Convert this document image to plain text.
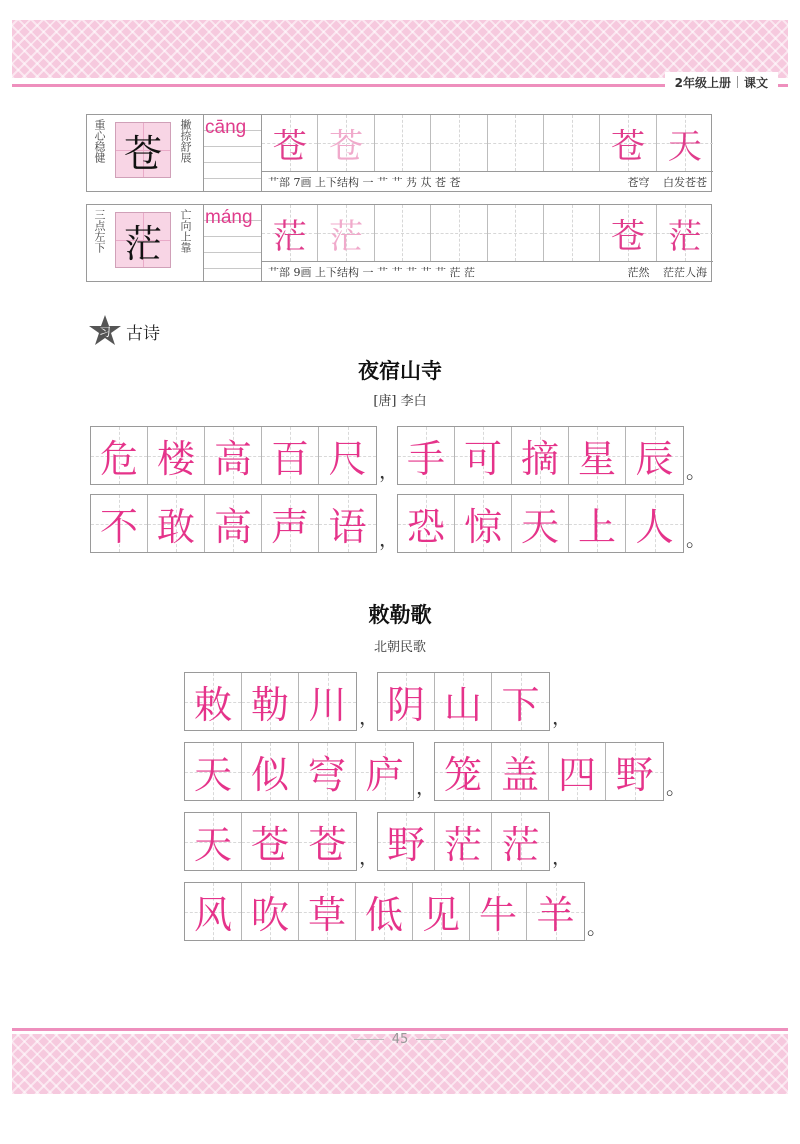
2年级上册 课文
重心稳健 苍 撇捺舒展 cāng 苍 苍	苍 天
艹部 7画 上下结构 一 艹 艹 艿 苁 苍 苍	苍穹 白发苍苍
三点左下 茫 亡向上靠 máng 茫 茫	苍 茫
艹部 9画 上下结构 一 艹 艹 艹 艹 艹 茫 茫	茫然 茫茫人海
习 古诗
夜宿山寺
[唐] 李白
危 楼 高 百 尺 ， 手 可 摘 星 辰 。
不 敢 高 声 语 ， 恐 惊 天 上 人 。
敕勒歌
北朝民歌
敕 勒 川 ， 阴 山 下 ，
天 似 穹 庐 ， 笼 盖 四 野 。
天 苍 苍 ， 野 茫 茫 ，
风 吹 草 低 见 牛 羊 。
45
